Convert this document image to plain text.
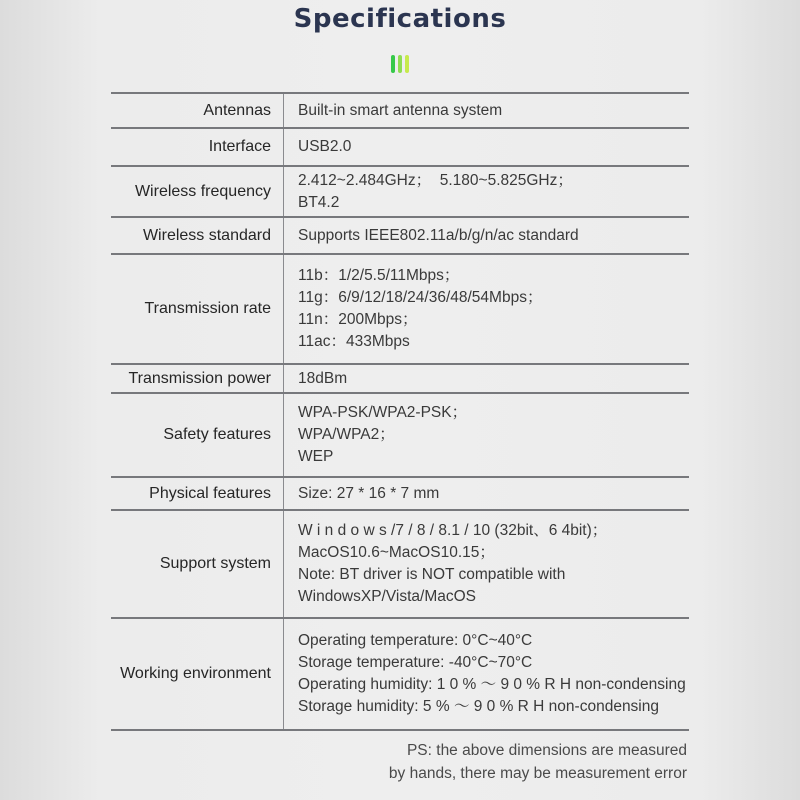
Specifications
Antennas Built-in smart antenna system
Interface USB2.0
Wireless frequency
2.412~2.484GHz；  5.180~5.825GHz；
BT4.2
Wireless standard Supports IEEE802.11a/b/g/n/ac standard
Transmission rate
11b：1/2/5.5/11Mbps；
11g：6/9/12/18/24/36/48/54Mbps；
11n：200Mbps；
11ac：433Mbps
Transmission power 18dBm
Safety features
WPA-PSK/WPA2-PSK；
WPA/WPA2；
WEP
Physical features Size: 27 * 16 * 7 mm
Support system
W i n d o w s /7 / 8 / 8.1 / 10 (32bit、6 4bit)；
MacOS10.6~MacOS10.15；
Note: BT driver is NOT compatible with
WindowsXP/Vista/MacOS
Working environment
Operating temperature: 0°C~40°C
Storage temperature: -40°C~70°C
Operating humidity: 1 0 % ～ 9 0 % R H non-condensing
Storage humidity: 5 % ～ 9 0 % R H non-condensing
PS: the above dimensions are measured
by hands, there may be measurement error
